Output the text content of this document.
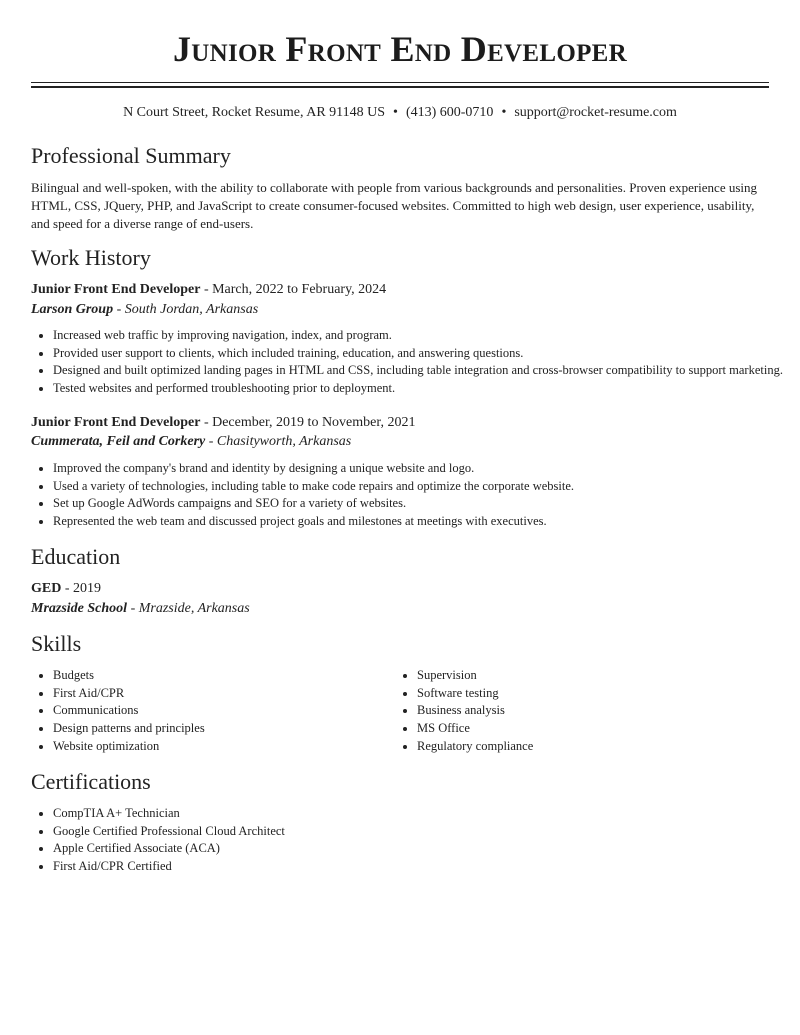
Junior Front End Developer
N Court Street, Rocket Resume, AR 91148 US • (413) 600-0710 • support@rocket-resume.com
Professional Summary

Bilingual and well-spoken, with the ability to collaborate with people from various backgrounds and personalities. Proven experience using HTML, CSS, JQuery, PHP, and JavaScript to create consumer-focused websites. Committed to high web design, user experience, usability, and speed for a diverse range of end-users.

Work History
Junior Front End Developer - March, 2022 to February, 2024
Larson Group - South Jordan, Arkansas
• Increased web traffic by improving navigation, index, and program.
• Provided user support to clients, which included training, education, and answering questions.
• Designed and built optimized landing pages in HTML and CSS, including table integration and cross-browser compatibility to support marketing.
• Tested websites and performed troubleshooting prior to deployment.
Junior Front End Developer - December, 2019 to November, 2021
Cummerata, Feil and Corkery - Chasityworth, Arkansas
• Improved the company's brand and identity by designing a unique website and logo.
• Used a variety of technologies, including table to make code repairs and optimize the corporate website.
• Set up Google AdWords campaigns and SEO for a variety of websites.
• Represented the web team and discussed project goals and milestones at meetings with executives.
Education
GED - 2019
Mrazside School - Mrazside, Arkansas
Skills
• Budgets
• First Aid/CPR
• Communications
• Design patterns and principles
• Website optimization
• Supervision
• Software testing
• Business analysis
• MS Office
• Regulatory compliance
Certifications
• CompTIA A+ Technician
• Google Certified Professional Cloud Architect
• Apple Certified Associate (ACA)
• First Aid/CPR Certified
